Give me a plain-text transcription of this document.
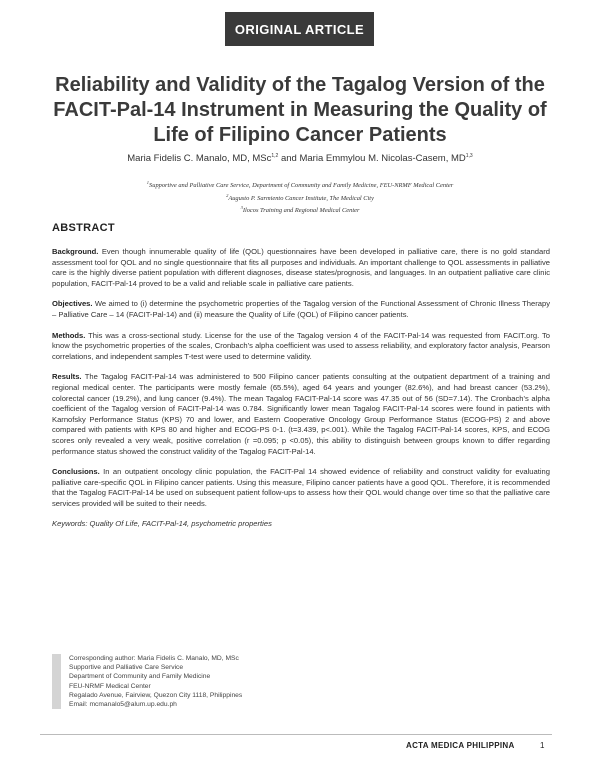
ORIGINAL ARTICLE
Reliability and Validity of the Tagalog Version of the FACIT-Pal-14 Instrument in Measuring the Quality of Life of Filipino Cancer Patients
Maria Fidelis C. Manalo, MD, MSc$^{1,2}$ and Maria Emmylou M. Nicolas-Casem, MD$^{1,3}$
$^1$Supportive and Palliative Care Service, Department of Community and Family Medicine, FEU-NRMF Medical Center
$^2$Augusto P. Sarmiento Cancer Institute, The Medical City
$^3$Ilocos Training and Regional Medical Center
ABSTRACT

Background. Even though innumerable quality of life (QOL) questionnaires have been developed in palliative care, there is no gold standard assessment tool for QOL and no single questionnaire that fits all purposes and individuals. An important challenge to QOL assessments in palliative care is the highly diverse patient population with different diagnoses, disease states/prognosis, and languages. In an outpatient palliative care clinic population, FACIT-Pal-14 proved to be a valid and reliable scale in palliative care patients.

Objectives. We aimed to (i) determine the psychometric properties of the Tagalog version of the Functional Assessment of Chronic Illness Therapy – Palliative Care – 14 (FACIT-Pal-14) and (ii) measure the Quality of Life (QOL) of Filipino cancer patients.

Methods. This was a cross-sectional study. License for the use of the Tagalog version 4 of the FACIT-Pal-14 was requested from FACIT.org. To know the psychometric properties of the scales, Cronbach's alpha coefficient was used to assess reliability, and exploratory factor analysis, Pearson correlations, and independent samples T-test were used to determine validity.

Results. The Tagalog FACIT-Pal-14 was administered to 500 Filipino cancer patients consulting at the outpatient department of a training and regional medical center. The participants were mostly female (65.5%), aged 64 years and younger (82.6%), and had breast cancer (53.2%), colorectal cancer (19.2%), and lung cancer (9.4%). The mean Tagalog FACIT-Pal-14 score was 47.35 out of 56 (SD=7.14). The Cronbach's alpha coefficient of the Tagalog version of FACIT-Pal-14 was 0.784. Significantly lower mean Tagalog FACIT-Pal-14 scores were found in patients with Karnofsky Performance Status (KPS) 70 and lower, and Eastern Cooperative Oncology Group Performance Status (ECOG-PS) 2 and above compared with patients with KPS 80 and higher and ECOG-PS 0-1. (t=3.439, p<.001). While the Tagalog FACIT-Pal-14 scores, KPS, and ECOG scores only revealed a very weak, positive correlation (r =0.095; p <0.05), this ability to distinguish between groups known to differ regarding performance status showed the construct validity of the Tagalog FACIT-Pal-14.

Conclusions. In an outpatient oncology clinic population, the FACIT-Pal 14 showed evidence of reliability and construct validity for evaluating palliative care-specific QOL in Filipino cancer patients. Using this measure, Filipino cancer patients have a good QOL. Therefore, it is recommended that the Tagalog FACIT-Pal-14 be used on subsequent patient follow-ups to assess how their QOL would change over time so that the palliative care services provided will be suited to their needs.

Keywords: Quality Of Life, FACIT-Pal-14, psychometric properties
Corresponding author: Maria Fidelis C. Manalo, MD, MSc
Supportive and Palliative Care Service
Department of Community and Family Medicine
FEU-NRMF Medical Center
Regalado Avenue, Fairview, Quezon City 1118, Philippines
Email: mcmanalo5@alum.up.edu.ph
ACTA MEDICA PHILIPPINA	1
